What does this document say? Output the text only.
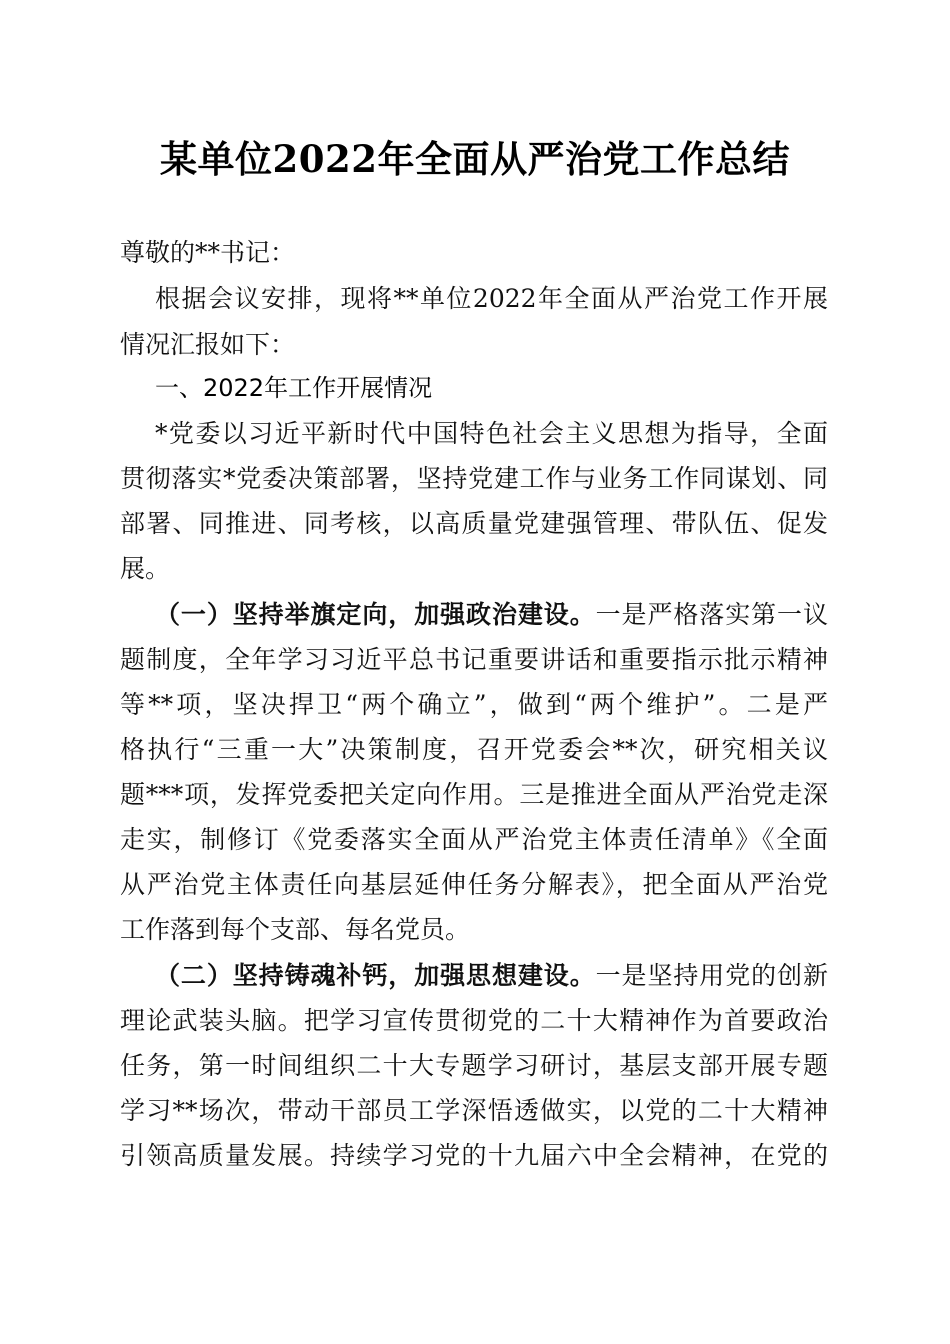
某单位2022年全面从严治党工作总结
尊敬的**书记：
根据会议安排，现将**单位2022年全面从严治党工作开展
情况汇报如下：
一、2022年工作开展情况
*党委以习近平新时代中国特色社会主义思想为指导，全面
贯彻落实*党委决策部署，坚持党建工作与业务工作同谋划、同
部署、同推进、同考核，以高质量党建强管理、带队伍、促发
展。
（一）坚持举旗定向，加强政治建设。一是严格落实第一议
题制度，全年学习习近平总书记重要讲话和重要指示批示精神
等**项，坚决捍卫“两个确立”，做到“两个维护”。二是严
格执行“三重一大”决策制度，召开党委会**次，研究相关议
题***项，发挥党委把关定向作用。三是推进全面从严治党走深
走实，制修订《党委落实全面从严治党主体责任清单》《全面
从严治党主体责任向基层延伸任务分解表》，把全面从严治党
工作落到每个支部、每名党员。
（二）坚持铸魂补钙，加强思想建设。一是坚持用党的创新
理论武装头脑。把学习宣传贯彻党的二十大精神作为首要政治
任务，第一时间组织二十大专题学习研讨，基层支部开展专题
学习**场次，带动干部员工学深悟透做实，以党的二十大精神
引领高质量发展。持续学习党的十九届六中全会精神，在党的
